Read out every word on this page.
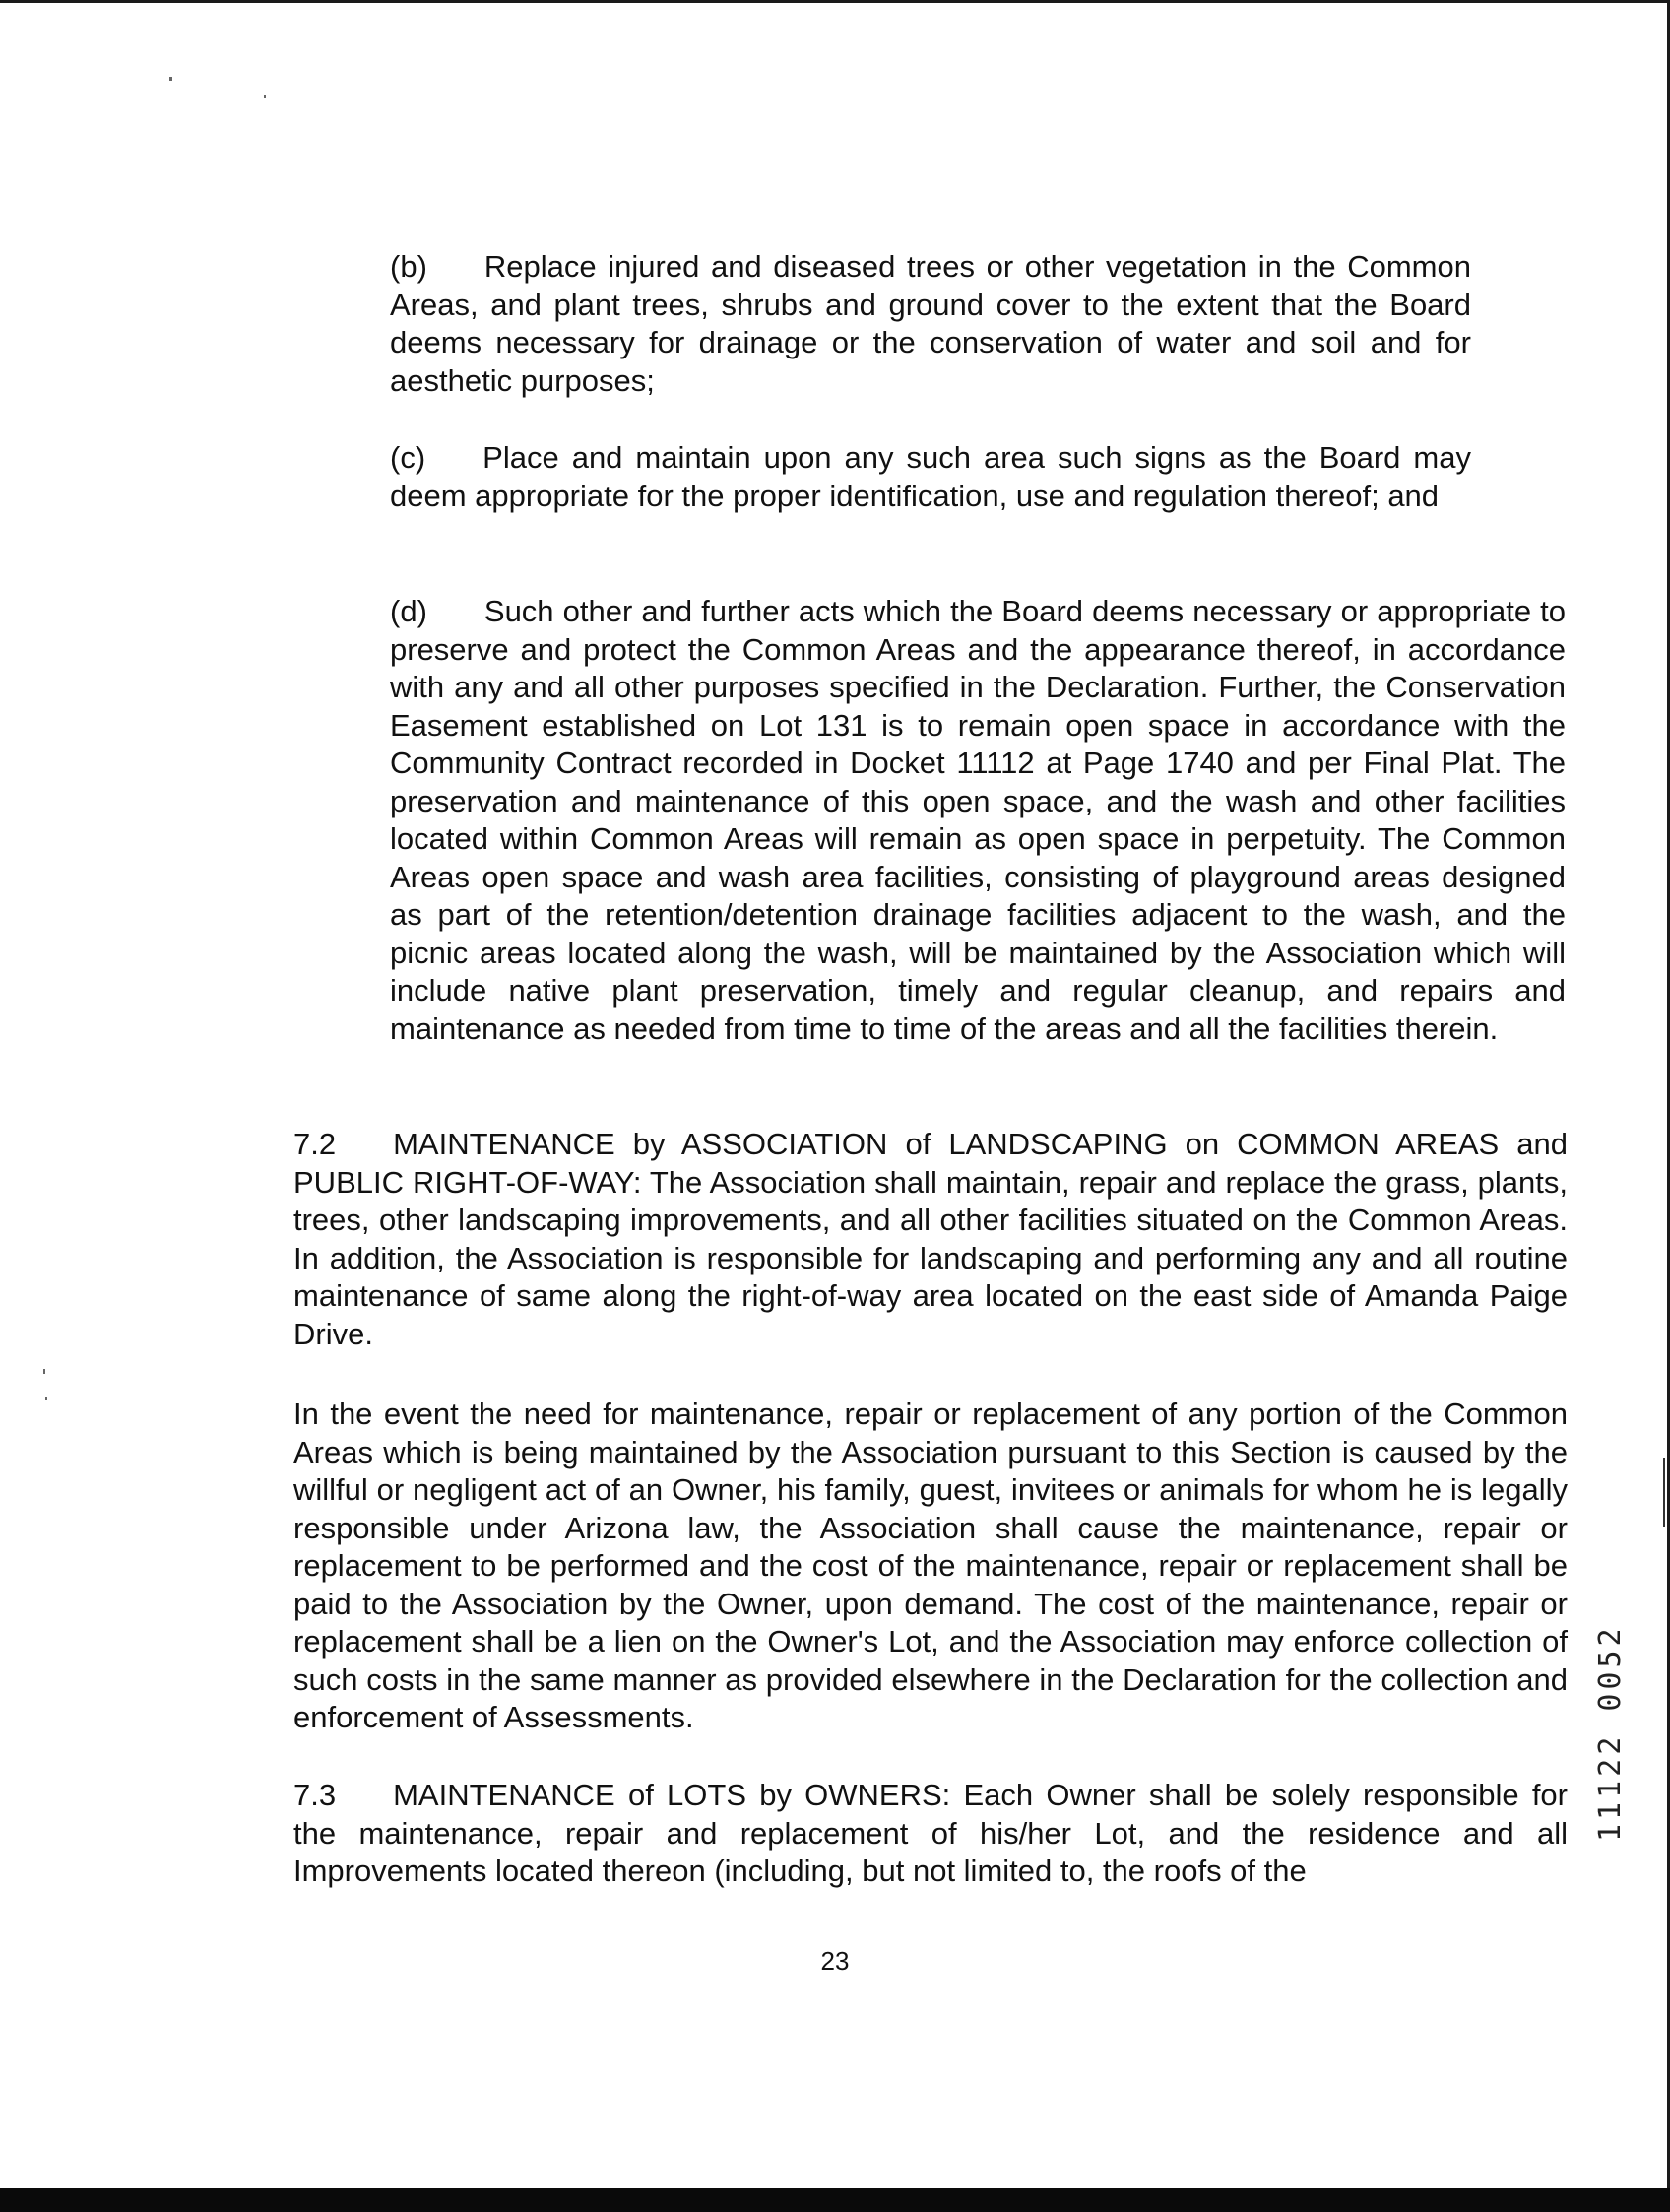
(b) Replace injured and diseased trees or other vegetation in the Common Areas, and plant trees, shrubs and ground cover to the extent that the Board deems necessary for drainage or the conservation of water and soil and for aesthetic purposes;

(c) Place and maintain upon any such area such signs as the Board may deem appropriate for the proper identification, use and regulation thereof; and

(d) Such other and further acts which the Board deems necessary or appropriate to preserve and protect the Common Areas and the appearance thereof, in accordance with any and all other purposes specified in the Declaration. Further, the Conservation Easement established on Lot 131 is to remain open space in accordance with the Community Contract recorded in Docket 11112 at Page 1740 and per Final Plat. The preservation and maintenance of this open space, and the wash and other facilities located within Common Areas will remain as open space in perpetuity. The Common Areas open space and wash area facilities, consisting of playground areas designed as part of the retention/detention drainage facilities adjacent to the wash, and the picnic areas located along the wash, will be maintained by the Association which will include native plant preservation, timely and regular cleanup, and repairs and maintenance as needed from time to time of the areas and all the facilities therein.

7.2 MAINTENANCE by ASSOCIATION of LANDSCAPING on COMMON AREAS and PUBLIC RIGHT-OF-WAY: The Association shall maintain, repair and replace the grass, plants, trees, other landscaping improvements, and all other facilities situated on the Common Areas. In addition, the Association is responsible for landscaping and performing any and all routine maintenance of same along the right-of-way area located on the east side of Amanda Paige Drive.

In the event the need for maintenance, repair or replacement of any portion of the Common Areas which is being maintained by the Association pursuant to this Section is caused by the willful or negligent act of an Owner, his family, guest, invitees or animals for whom he is legally responsible under Arizona law, the Association shall cause the maintenance, repair or replacement to be performed and the cost of the maintenance, repair or replacement shall be paid to the Association by the Owner, upon demand. The cost of the maintenance, repair or replacement shall be a lien on the Owner's Lot, and the Association may enforce collection of such costs in the same manner as provided elsewhere in the Declaration for the collection and enforcement of Assessments.

7.3 MAINTENANCE of LOTS by OWNERS: Each Owner shall be solely responsible for the maintenance, repair and replacement of his/her Lot, and the residence and all Improvements located thereon (including, but not limited to, the roofs of the

23
11122 0052
